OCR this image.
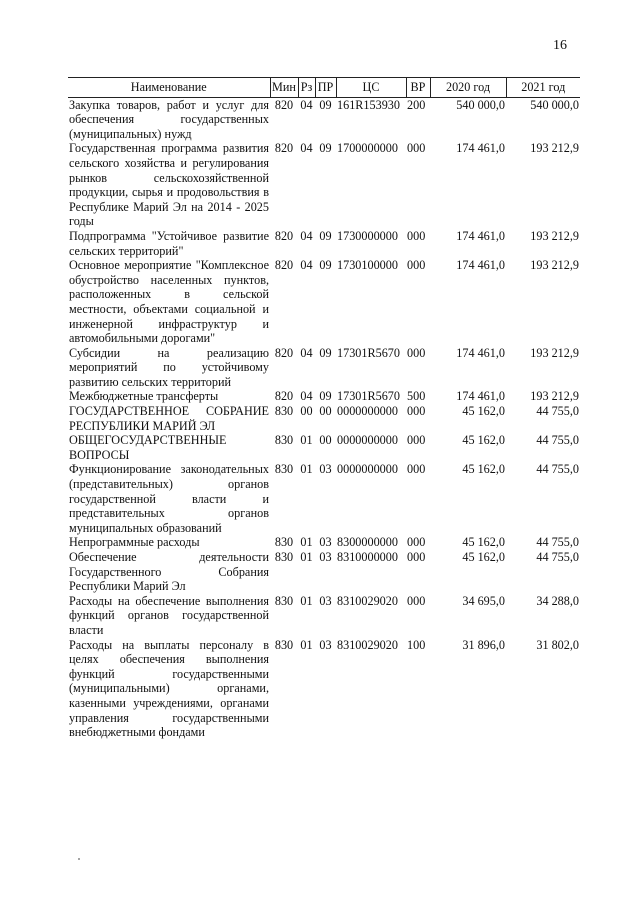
16
Наименование	Мин	Рз	ПР	ЦС	ВР	2020 год	2021 год
Закупка товаров, работ и услуг для обеспечения государственных (муниципальных) нужд	820	04	09	161R153930	200	540 000,0	540 000,0
Государственная программа развития сельского хозяйства и регулирования рынков сельскохозяйственной продукции, сырья и продовольствия в Республике Марий Эл на 2014 - 2025 годы	820	04	09	1700000000	000	174 461,0	193 212,9
Подпрограмма "Устойчивое развитие сельских территорий"	820	04	09	1730000000	000	174 461,0	193 212,9
Основное мероприятие "Комплексное обустройство населенных пунктов, расположенных в сельской местности, объектами социальной и инженерной инфраструктур и автомобильными дорогами"	820	04	09	1730100000	000	174 461,0	193 212,9
Субсидии на реализацию мероприятий по устойчивому развитию сельских территорий	820	04	09	17301R5670	000	174 461,0	193 212,9
Межбюджетные трансферты	820	04	09	17301R5670	500	174 461,0	193 212,9
ГОСУДАРСТВЕННОЕ СОБРАНИЕ РЕСПУБЛИКИ МАРИЙ ЭЛ	830	00	00	0000000000	000	45 162,0	44 755,0
ОБЩЕГОСУДАРСТВЕННЫЕ ВОПРОСЫ	830	01	00	0000000000	000	45 162,0	44 755,0
Функционирование законодательных (представительных) органов государственной власти и представительных органов муниципальных образований	830	01	03	0000000000	000	45 162,0	44 755,0
Непрограммные расходы	830	01	03	8300000000	000	45 162,0	44 755,0
Обеспечение деятельности Государственного Собрания Республики Марий Эл	830	01	03	8310000000	000	45 162,0	44 755,0
Расходы на обеспечение выполнения функций органов государственной власти	830	01	03	8310029020	000	34 695,0	34 288,0
Расходы на выплаты персоналу в целях обеспечения выполнения функций государственными (муниципальными) органами, казенными учреждениями, органами управления государственными внебюджетными фондами	830	01	03	8310029020	100	31 896,0	31 802,0
